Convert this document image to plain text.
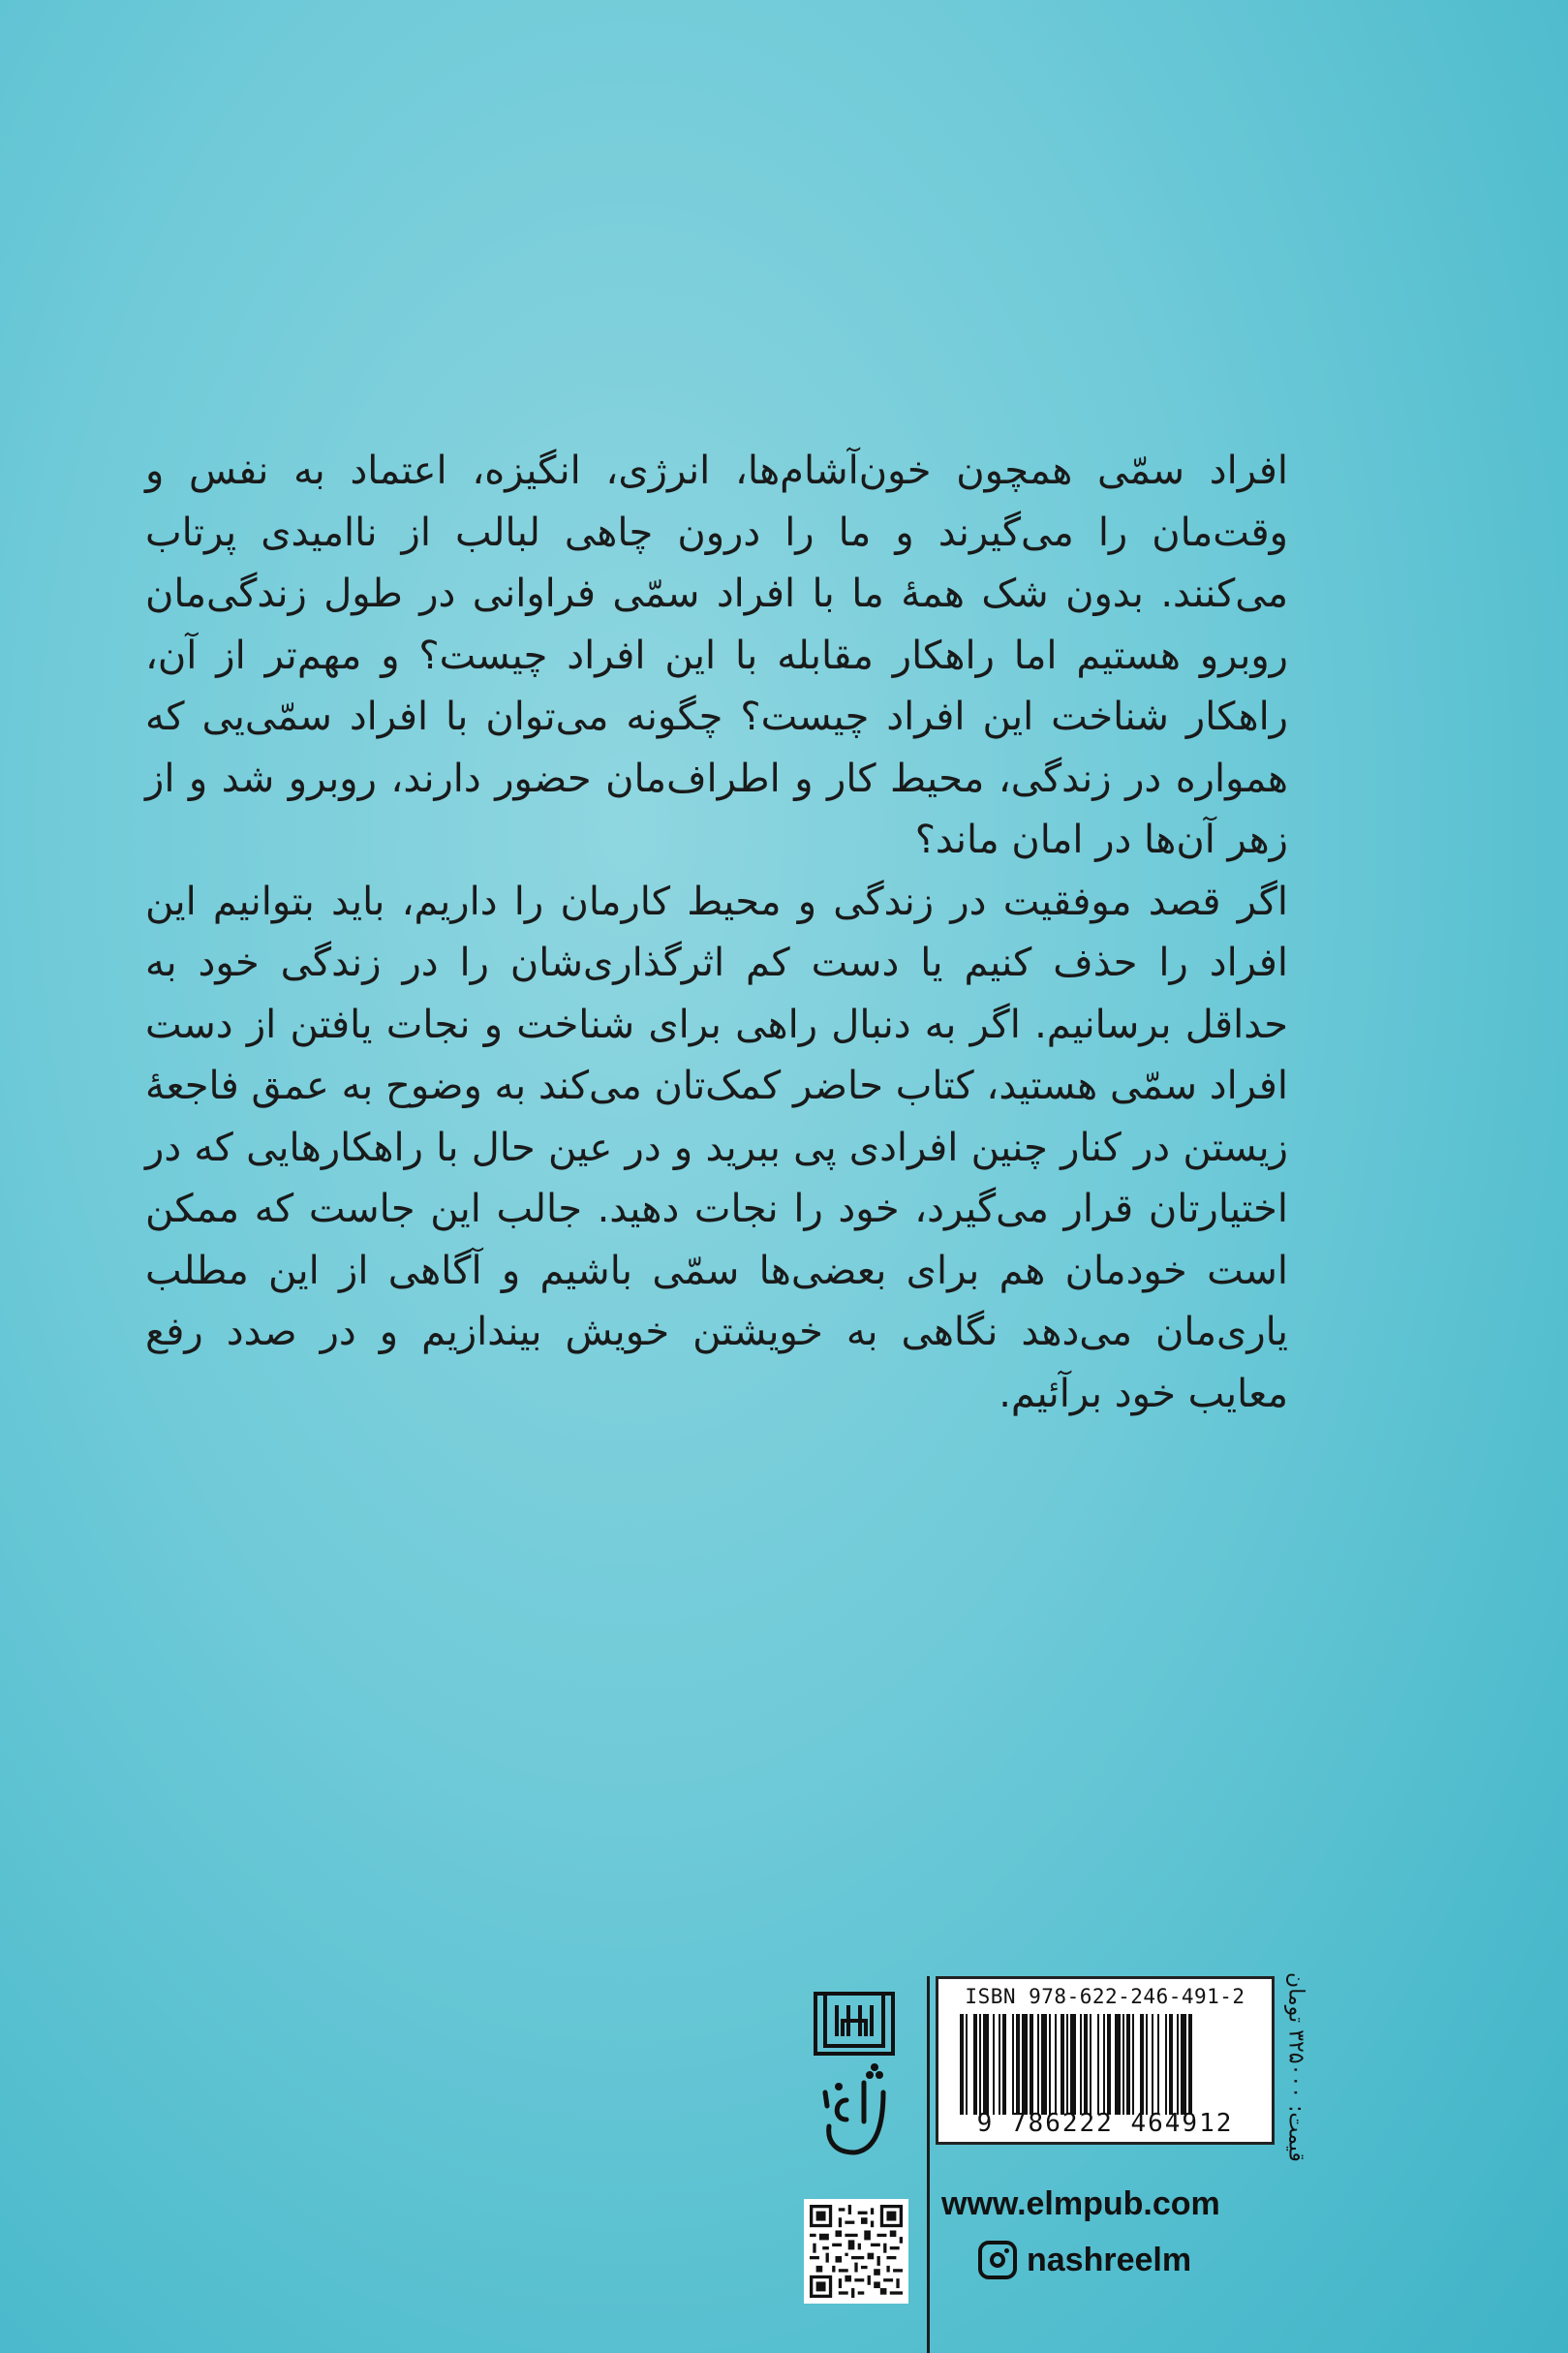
افراد سمّی همچون خون‌آشام‌ها، انرژی، انگیزه، اعتماد به نفس و وقت‌مان را می‌گیرند و ما را درون چاهی لبالب از ناامیدی پرتاب می‌کنند. بدون شک همهٔ ما با افراد سمّی فراوانی در طول زندگی‌مان روبرو هستیم اما راهکار مقابله با این افراد چیست؟ و مهم‌تر از آن، راهکار شناخت این افراد چیست؟ چگونه می‌توان با افراد سمّی‌یی که همواره در زندگی، محیط کار و اطراف‌مان حضور دارند، روبرو شد و از زهر آن‌ها در امان ماند؟

اگر قصد موفقیت در زندگی و محیط کارمان را داریم، باید بتوانیم این افراد را حذف کنیم یا دست کم اثرگذاری‌شان را در زندگی خود به حداقل برسانیم. اگر به دنبال راهی برای شناخت و نجات یافتن از دست افراد سمّی هستید، کتاب حاضر کمک‌تان می‌کند به وضوح به عمق فاجعهٔ زیستن در کنار چنین افرادی پی ببرید و در عین حال با راهکارهایی که در اختیارتان قرار می‌گیرد، خود را نجات دهید. جالب این جاست که ممکن است خودمان هم برای بعضی‌ها سمّی باشیم و آگاهی از این مطلب یاری‌مان می‌دهد نگاهی به خویشتن خویش بیندازیم و در صدد رفع معایب خود برآئیم.

ISBN 978-622-246-491-2
9 786222 464912
قیمت: ۳۲۵۰۰۰ تومان
www.elmpub.com
nashreelm
